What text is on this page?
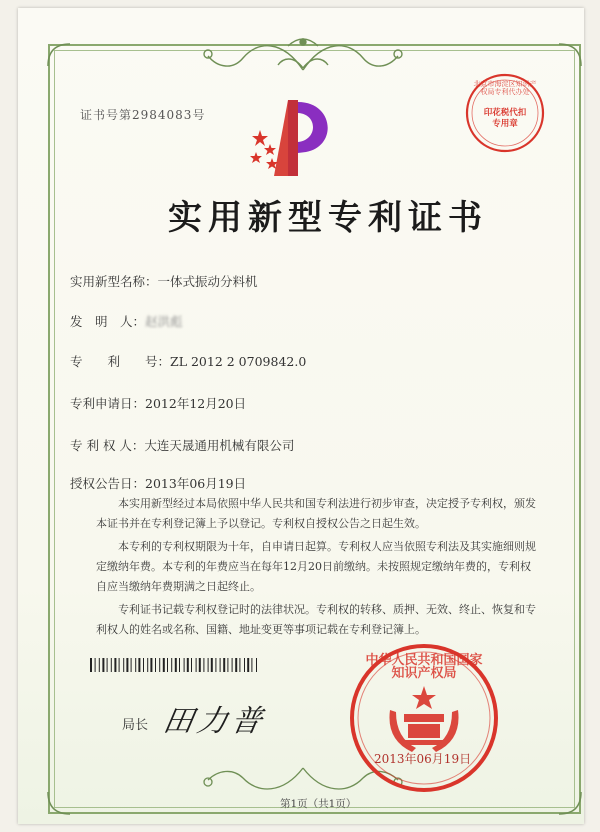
证书号第2984083号
北京市海淀区知识产权局专利代办处
印花税代扣专用章
实用新型专利证书
实用新型名称：一体式振动分料机
发　明　人：赵洪彪
专　　利　　号：ZL 2012 2 0709842.0
专利申请日：2012年12月20日
专 利 权 人：大连天晟通用机械有限公司
授权公告日：2013年06月19日
本实用新型经过本局依照中华人民共和国专利法进行初步审查，决定授予专利权，颁发本证书并在专利登记簿上予以登记。专利权自授权公告之日起生效。
本专利的专利权期限为十年，自申请日起算。专利权人应当依照专利法及其实施细则规定缴纳年费。本专利的年费应当在每年12月20日前缴纳。未按照规定缴纳年费的，专利权自应当缴纳年费期满之日起终止。
专利证书记载专利权登记时的法律状况。专利权的转移、质押、无效、终止、恢复和专利权人的姓名或名称、国籍、地址变更等事项记载在专利登记簿上。
局长 田力普
中华人民共和国国家知识产权局
2013年06月19日
第1页（共1页）
